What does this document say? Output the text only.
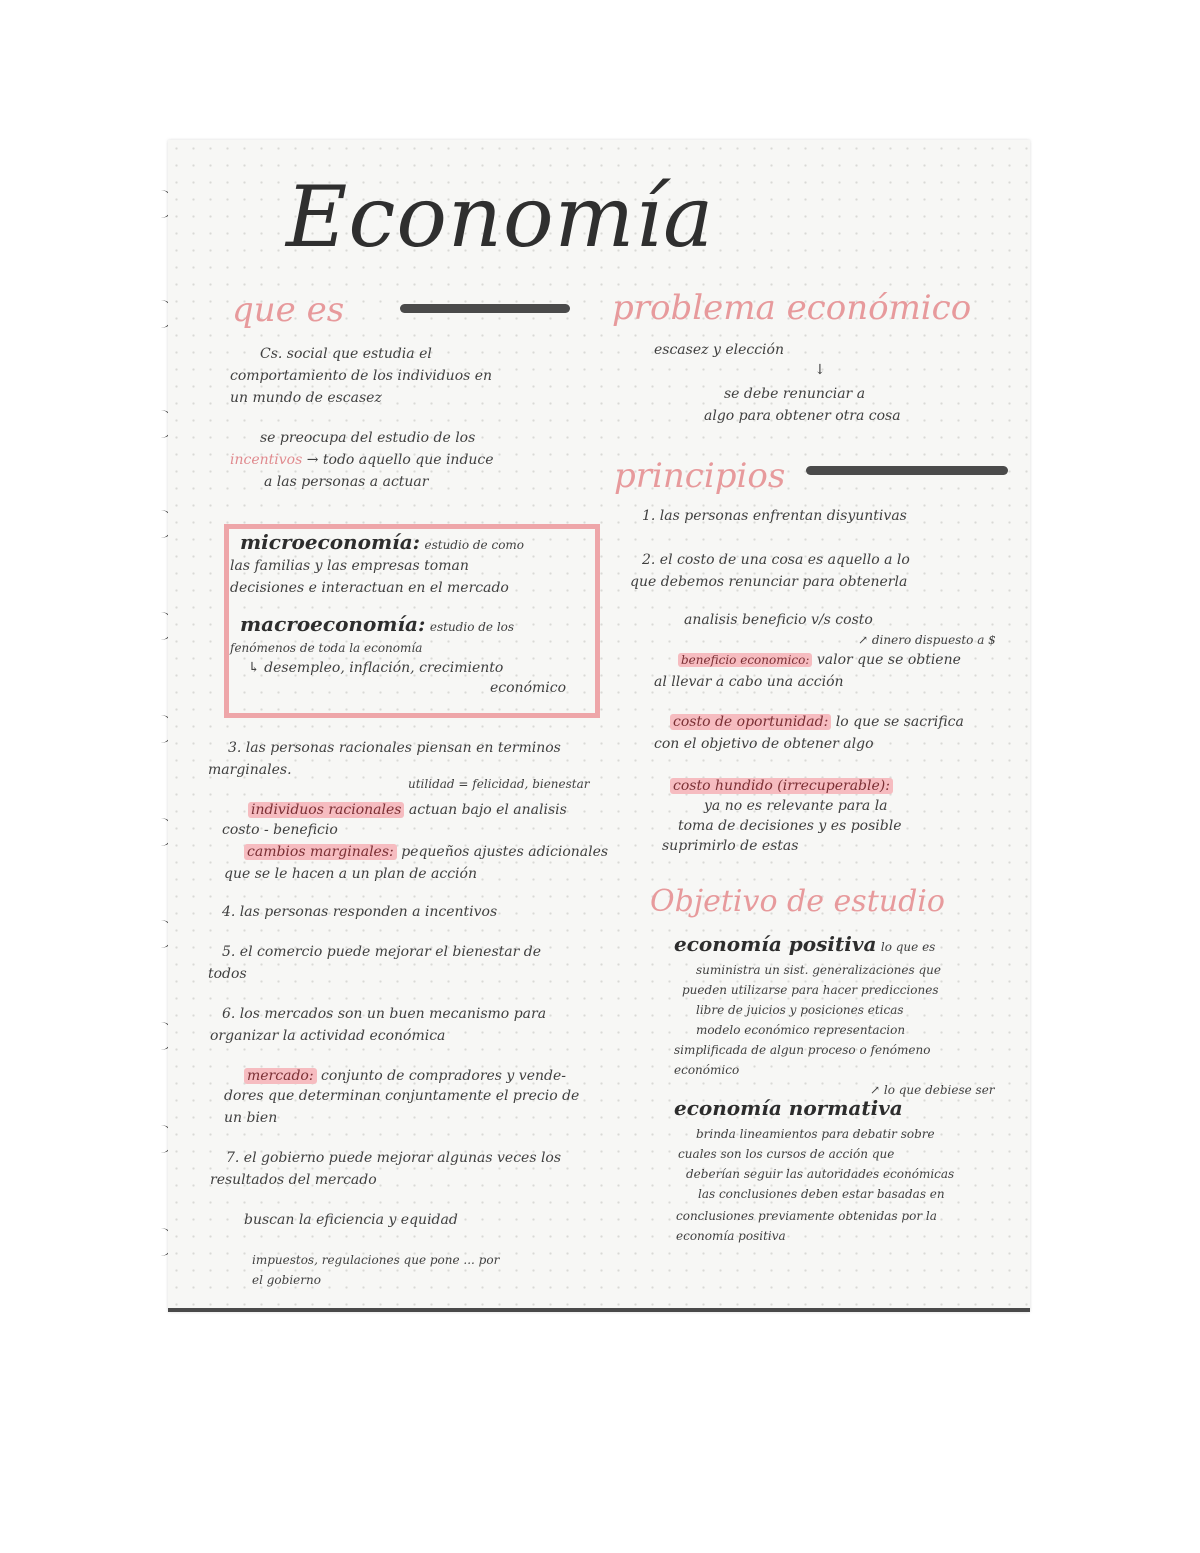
Economía
que es
Cs. social que estudia el
comportamiento de los individuos en
un mundo de escasez
se preocupa del estudio de los
incentivos → todo aquello que induce
a las personas a actuar
microeconomía: estudio de como
las familias y las empresas toman
decisiones e interactuan en el mercado
macroeconomía: estudio de los
fenómenos de toda la economía
↳ desempleo, inflación, crecimiento
económico
3. las personas racionales piensan en terminos
marginales.
utilidad = felicidad, bienestar
individuos racionales actuan bajo el analisis
costo - beneficio
cambios marginales: pequeños ajustes adicionales
que se le hacen a un plan de acción
4. las personas responden a incentivos
5. el comercio puede mejorar el bienestar de
todos
6. los mercados son un buen mecanismo para
organizar la actividad económica
mercado: conjunto de compradores y vende-
dores que determinan conjuntamente el precio de
un bien
7. el gobierno puede mejorar algunas veces los
resultados del mercado
buscan la eficiencia y equidad
impuestos, regulaciones que pone ... por
el gobierno
problema económico
escasez y elección
↓
se debe renunciar a
algo para obtener otra cosa
principios
1. las personas enfrentan disyuntivas
2. el costo de una cosa es aquello a lo
que debemos renunciar para obtenerla
analisis beneficio v/s costo
↗ dinero dispuesto a $
beneficio economico: valor que se obtiene
al llevar a cabo una acción
costo de oportunidad: lo que se sacrifica
con el objetivo de obtener algo
costo hundido (irrecuperable):
ya no es relevante para la
toma de decisiones y es posible
suprimirlo de estas
Objetivo de estudio
economía positiva lo que es
suministra un sist. generalizaciones que
pueden utilizarse para hacer predicciones
libre de juicios y posiciones eticas
modelo económico representacion
simplificada de algun proceso o fenómeno
económico
↗ lo que debiese ser
economía normativa
brinda lineamientos para debatir sobre
cuales son los cursos de acción que
deberían seguir las autoridades económicas
las conclusiones deben estar basadas en
conclusiones previamente obtenidas por la
economía positiva
